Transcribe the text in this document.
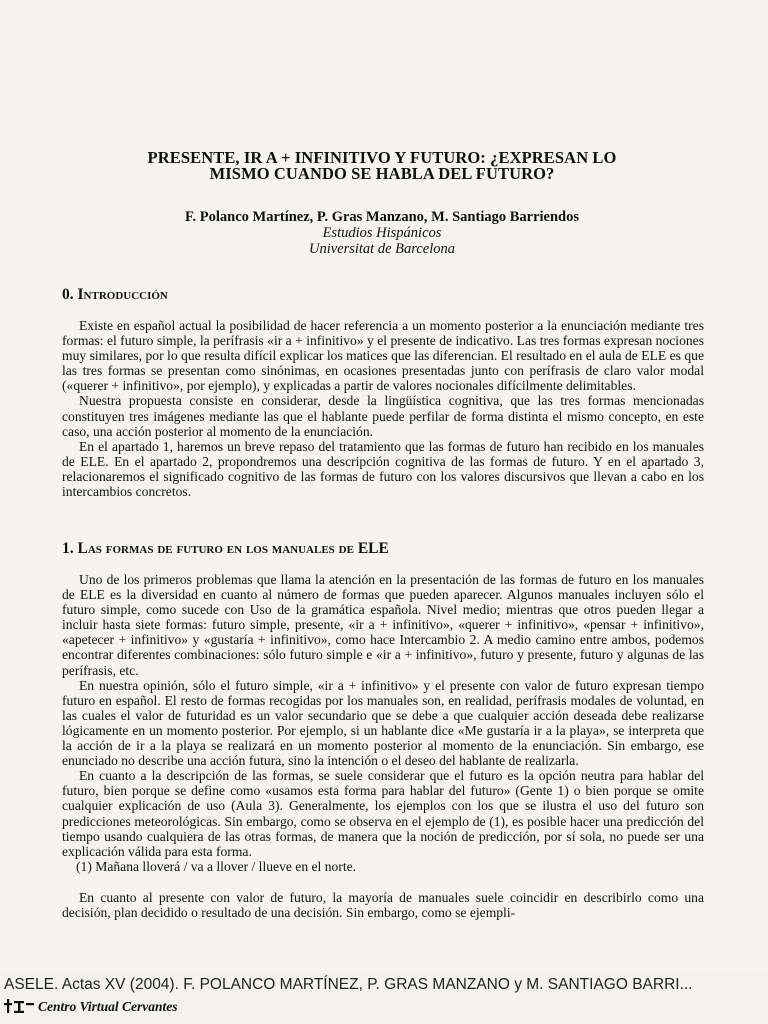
PRESENTE, IR A + INFINITIVO Y FUTURO: ¿EXPRESAN LO
MISMO CUANDO SE HABLA DEL FUTURO?
F. Polanco Martínez, P. Gras Manzano, M. Santiago Barriendos
Estudios Hispánicos
Universitat de Barcelona
0. Introducción

Existe en español actual la posibilidad de hacer referencia a un momento posterior a la enunciación mediante tres formas: el futuro simple, la perífrasis «ir a + infinitivo» y el presente de indicativo. Las tres formas expresan nociones muy similares, por lo que resulta difícil explicar los matices que las diferencian. El resultado en el aula de ELE es que las tres formas se presentan como sinónimas, en ocasiones presentadas junto con perífrasis de claro valor modal («querer + infinitivo», por ejemplo), y explicadas a partir de valores nocionales difícilmente delimitables.

Nuestra propuesta consiste en considerar, desde la lingüística cognitiva, que las tres formas mencionadas constituyen tres imágenes mediante las que el hablante puede perfilar de forma distinta el mismo concepto, en este caso, una acción posterior al momento de la enunciación.

En el apartado 1, haremos un breve repaso del tratamiento que las formas de futuro han recibido en los manuales de ELE. En el apartado 2, propondremos una descripción cognitiva de las formas de futuro. Y en el apartado 3, relacionaremos el significado cognitivo de las formas de futuro con los valores discursivos que llevan a cabo en los intercambios concretos.

1. Las formas de futuro en los manuales de ELE

Uno de los primeros problemas que llama la atención en la presentación de las formas de futuro en los manuales de ELE es la diversidad en cuanto al número de formas que pueden aparecer. Algunos manuales incluyen sólo el futuro simple, como sucede con Uso de la gramática española. Nivel medio; mientras que otros pueden llegar a incluir hasta siete formas: futuro simple, presente, «ir a + infinitivo», «querer + infinitivo», «pensar + infinitivo», «apetecer + infinitivo» y «gustaría + infinitivo», como hace Intercambio 2. A medio camino entre ambos, podemos encontrar diferentes combinaciones: sólo futuro simple e «ir a + infinitivo», futuro y presente, futuro y algunas de las perífrasis, etc.

En nuestra opinión, sólo el futuro simple, «ir a + infinitivo» y el presente con valor de futuro expresan tiempo futuro en español. El resto de formas recogidas por los manuales son, en realidad, perífrasis modales de voluntad, en las cuales el valor de futuridad es un valor secundario que se debe a que cualquier acción deseada debe realizarse lógicamente en un momento posterior. Por ejemplo, si un hablante dice «Me gustaría ir a la playa», se interpreta que la acción de ir a la playa se realizará en un momento posterior al momento de la enunciación. Sin embargo, ese enunciado no describe una acción futura, sino la intención o el deseo del hablante de realizarla.

En cuanto a la descripción de las formas, se suele considerar que el futuro es la opción neutra para hablar del futuro, bien porque se define como «usamos esta forma para hablar del futuro» (Gente 1) o bien porque se omite cualquier explicación de uso (Aula 3). Generalmente, los ejemplos con los que se ilustra el uso del futuro son predicciones meteorológicas. Sin embargo, como se observa en el ejemplo de (1), es posible hacer una predicción del tiempo usando cualquiera de las otras formas, de manera que la noción de predicción, por sí sola, no puede ser una explicación válida para esta forma.

(1) Mañana lloverá / va a llover / llueve en el norte.

En cuanto al presente con valor de futuro, la mayoría de manuales suele coincidir en describirlo como una decisión, plan decidido o resultado de una decisión. Sin embargo, como se ejempli-

ASELE. Actas XV (2004). F. POLANCO MARTÍNEZ, P. GRAS MANZANO y M. SANTIAGO BARRI...
Centro Virtual Cervantes
